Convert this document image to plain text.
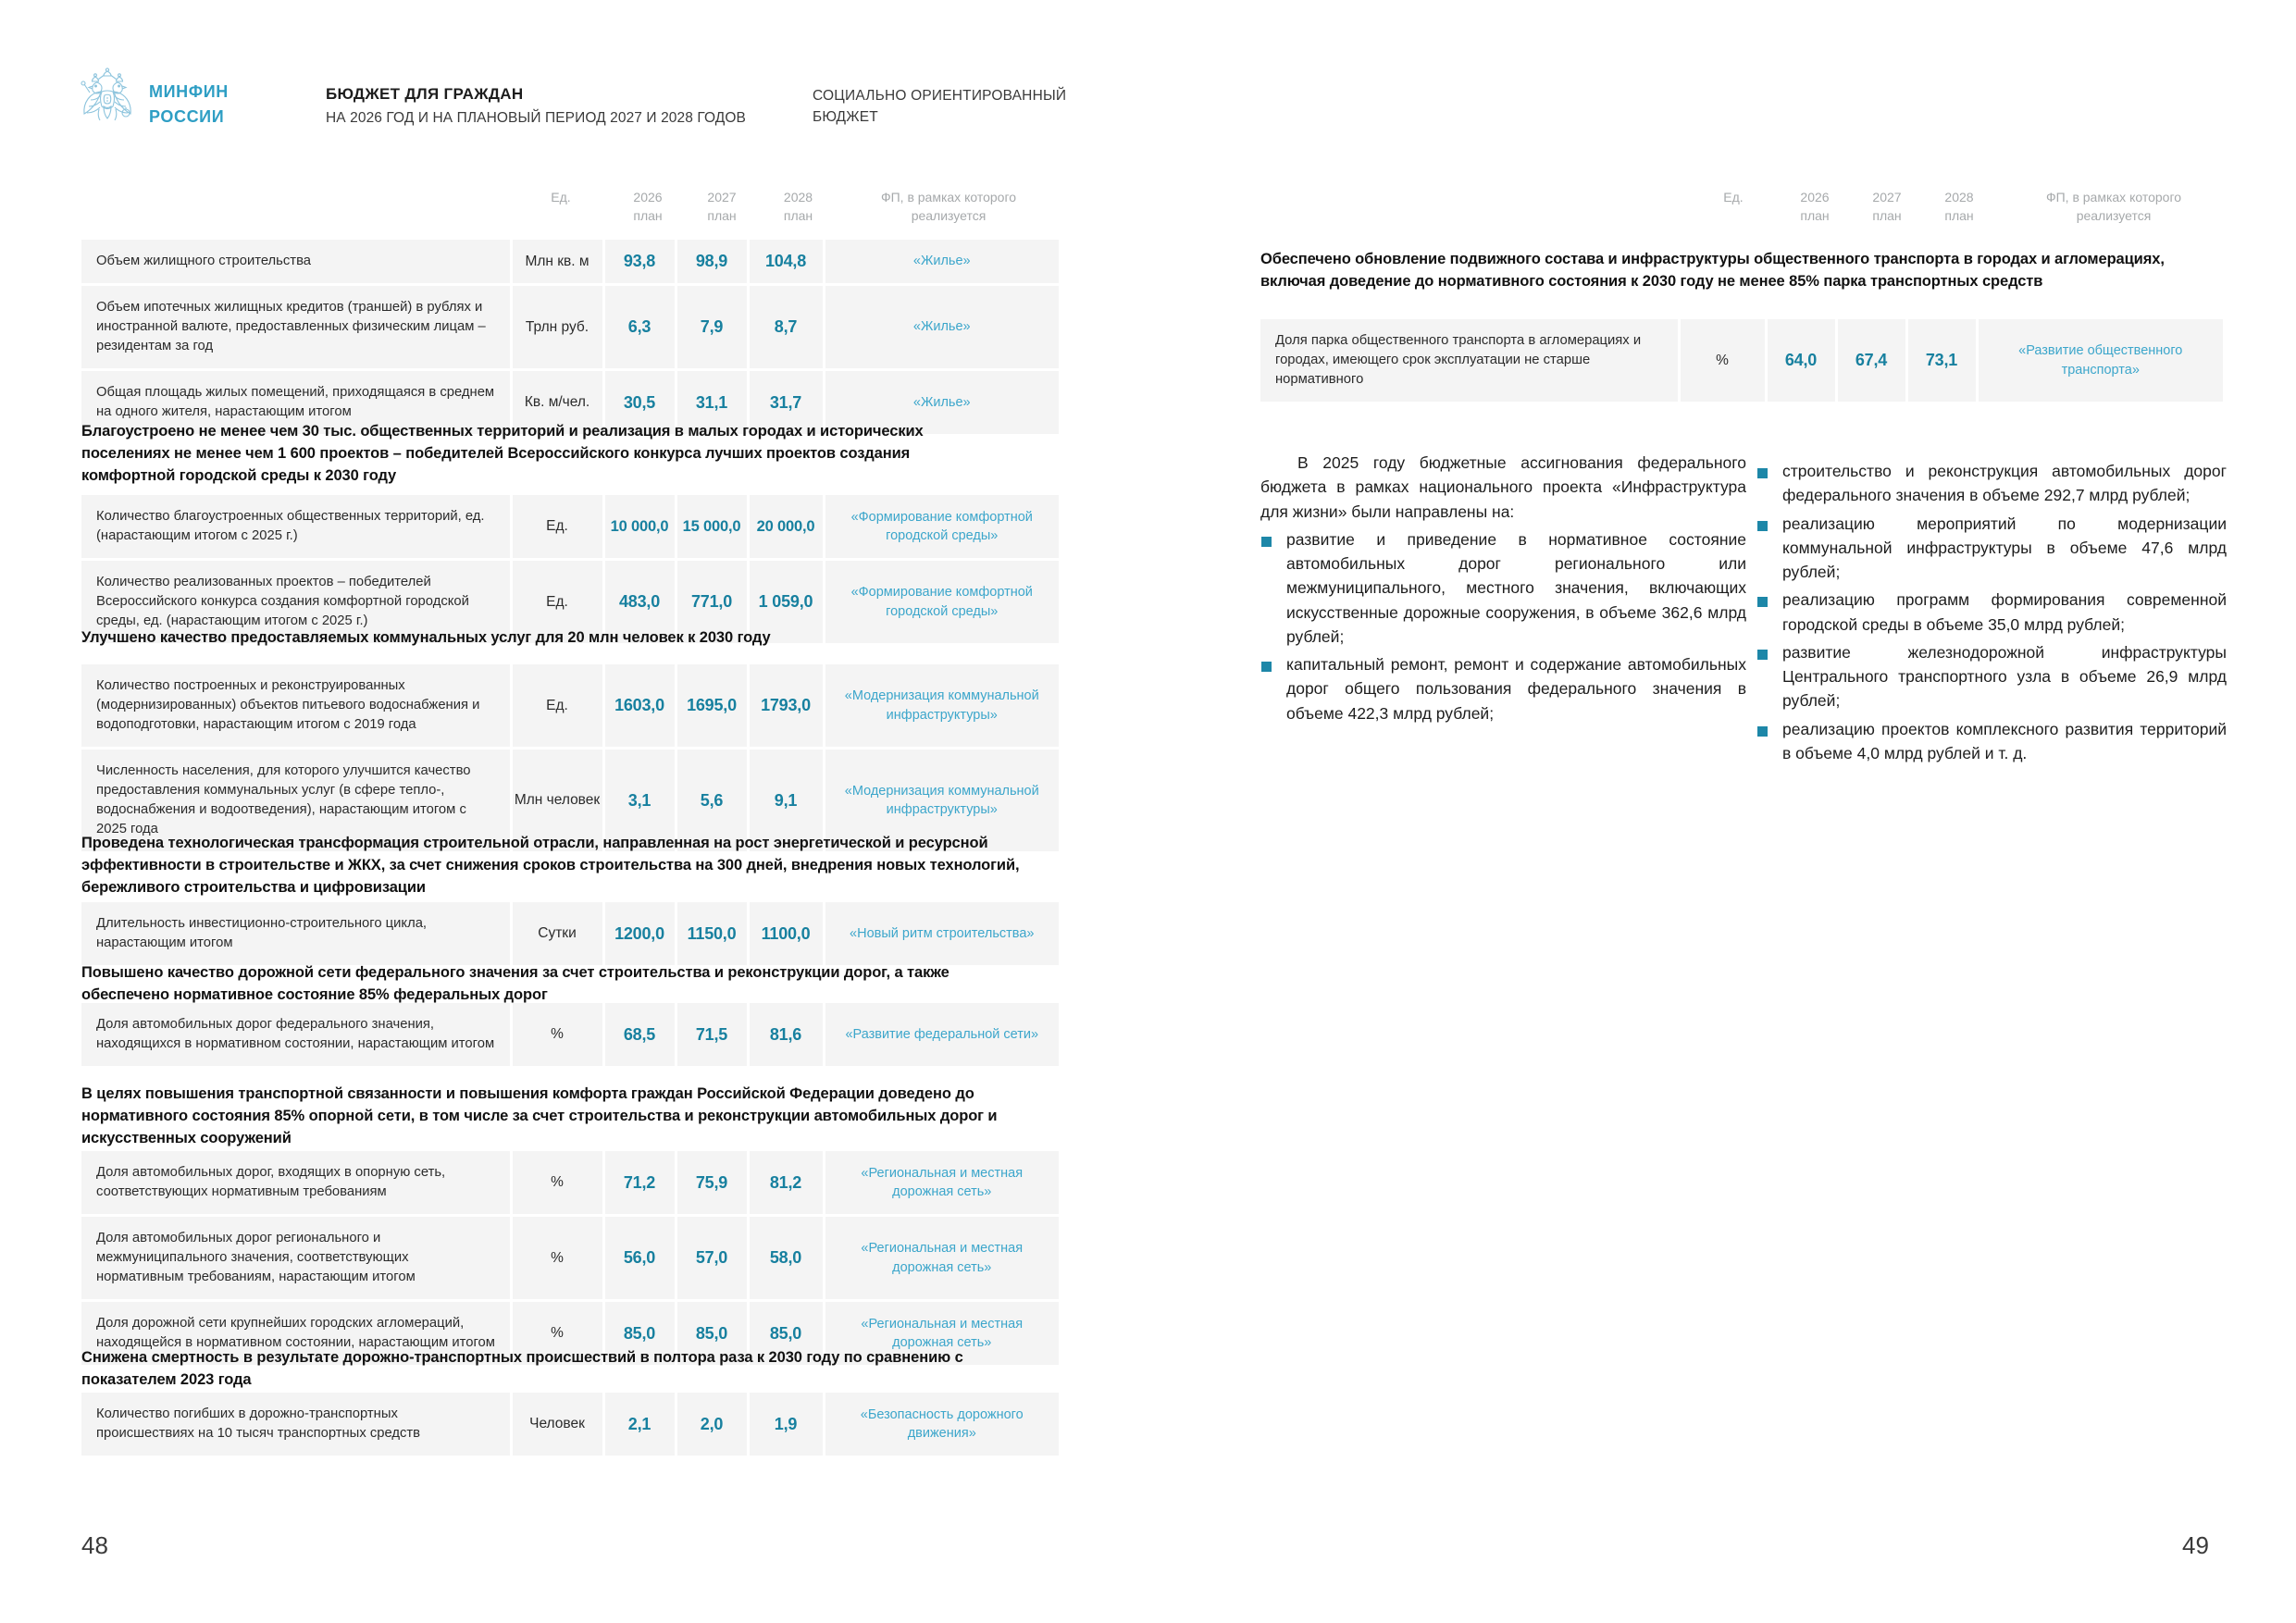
МИНФИН
РОССИИ
БЮДЖЕТ ДЛЯ ГРАЖДАН
НА 2026 ГОД И НА ПЛАНОВЫЙ ПЕРИОД 2027 И 2028 ГОДОВ
СОЦИАЛЬНО ОРИЕНТИРОВАННЫЙ
БЮДЖЕТ
Ед.	2026
план
2027
план
2028
план
ФП, в рамках которого
реализуется
Объем жилищного строительства	Млн кв. м	93,8	98,9	104,8	«Жилье»
Объем ипотечных жилищных кредитов (траншей) в рублях и иностранной валюте, предоставленных физическим лицам – резидентам за год	Трлн руб.	6,3	7,9	8,7	«Жилье»
Общая площадь жилых помещений, приходящаяся в среднем на одного жителя, нарастающим итогом	Кв. м/чел.	30,5	31,1	31,7	«Жилье»
Благоустроено не менее чем 30 тыс. общественных территорий и реализация в малых городах и исторических поселениях не менее чем 1 600 проектов – победителей Всероссийского конкурса лучших проектов создания комфортной городской среды к 2030 году
Количество благоустроенных общественных территорий, ед. (нарастающим итогом с 2025 г.)	Ед.	10 000,0	15 000,0	20 000,0	«Формирование комфортной городской среды»
Количество реализованных проектов – победителей Всероссийского конкурса создания комфортной городской среды, ед. (нарастающим итогом с 2025 г.)	Ед.	483,0	771,0	1 059,0	«Формирование комфортной городской среды»
Улучшено качество предоставляемых коммунальных услуг для 20 млн человек к 2030 году
Количество построенных и реконструированных (модернизированных) объектов питьевого водоснабжения и водоподготовки, нарастающим итогом с 2019 года	Ед.	1603,0	1695,0	1793,0	«Модернизация коммунальной инфраструктуры»
Численность населения, для которого улучшится качество предоставления коммунальных услуг (в сфере тепло-, водоснабжения и водоотведения), нарастающим итогом с 2025 года	Млн человек	3,1	5,6	9,1	«Модернизация коммунальной инфраструктуры»
Проведена технологическая трансформация строительной отрасли, направленная на рост энергетической и ресурсной эффективности в строительстве и ЖКХ, за счет снижения сроков строительства на 300 дней, внедрения новых технологий, бережливого строительства и цифровизации
Длительность инвестиционно-строительного цикла, нарастающим итогом	Сутки	1200,0	1150,0	1100,0	«Новый ритм строительства»
Повышено качество дорожной сети федерального значения за счет строительства и реконструкции дорог, а также обеспечено нормативное состояние 85% федеральных дорог
Доля автомобильных дорог федерального значения, находящихся в нормативном состоянии, нарастающим итогом	%	68,5	71,5	81,6	«Развитие федеральной сети»
В целях повышения транспортной связанности и повышения комфорта граждан Российской Федерации доведено до нормативного состояния 85% опорной сети, в том числе за счет строительства и реконструкции автомобильных дорог и искусственных сооружений
Доля автомобильных дорог, входящих в опорную сеть, соответствующих нормативным требованиям	%	71,2	75,9	81,2	«Региональная и местная дорожная сеть»
Доля автомобильных дорог регионального и межмуниципального значения, соответствующих нормативным требованиям, нарастающим итогом	%	56,0	57,0	58,0	«Региональная и местная дорожная сеть»
Доля дорожной сети крупнейших городских агломераций, находящейся в нормативном состоянии, нарастающим итогом	%	85,0	85,0	85,0	«Региональная и местная дорожная сеть»
Снижена смертность в результате дорожно-транспортных происшествий в полтора раза к 2030 году по сравнению с показателем 2023 года
Количество погибших в дорожно-транспортных происшествиях на 10 тысяч транспортных средств	Человек	2,1	2,0	1,9	«Безопасность дорожного движения»
Ед.	2026
план
2027
план
2028
план
ФП, в рамках которого
реализуется
Обеспечено обновление подвижного состава и инфраструктуры общественного транспорта в городах и агломерациях, включая доведение до нормативного состояния к 2030 году не менее 85% парка транспортных средств
Доля парка общественного транспорта в агломерациях и городах, имеющего срок эксплуатации не старше нормативного	%	64,0	67,4	73,1	«Развитие общественного транспорта»

В 2025 году бюджетные ассигнования федерального бюджета в рамках национального проекта «Инфраструктура для жизни» были направлены на:

развитие и приведение в нормативное состояние автомобильных дорог регионального или межмуниципального, местного значения, включающих искусственные дорожные сооружения, в объеме 362,6 млрд рублей;
капитальный ремонт, ремонт и содержание автомобильных дорог общего пользования федерального значения в объеме 422,3 млрд рублей;
строительство и реконструкция автомобильных дорог федерального значения в объеме 292,7 млрд рублей;
реализацию мероприятий по модернизации коммунальной инфраструктуры в объеме 47,6 млрд рублей;
реализацию программ формирования современной городской среды в объеме 35,0 млрд рублей;
развитие железнодорожной инфраструктуры Центрального транспортного узла в объеме 26,9 млрд рублей;
реализацию проектов комплексного развития территорий в объеме 4,0 млрд рублей и т. д.
48	49
